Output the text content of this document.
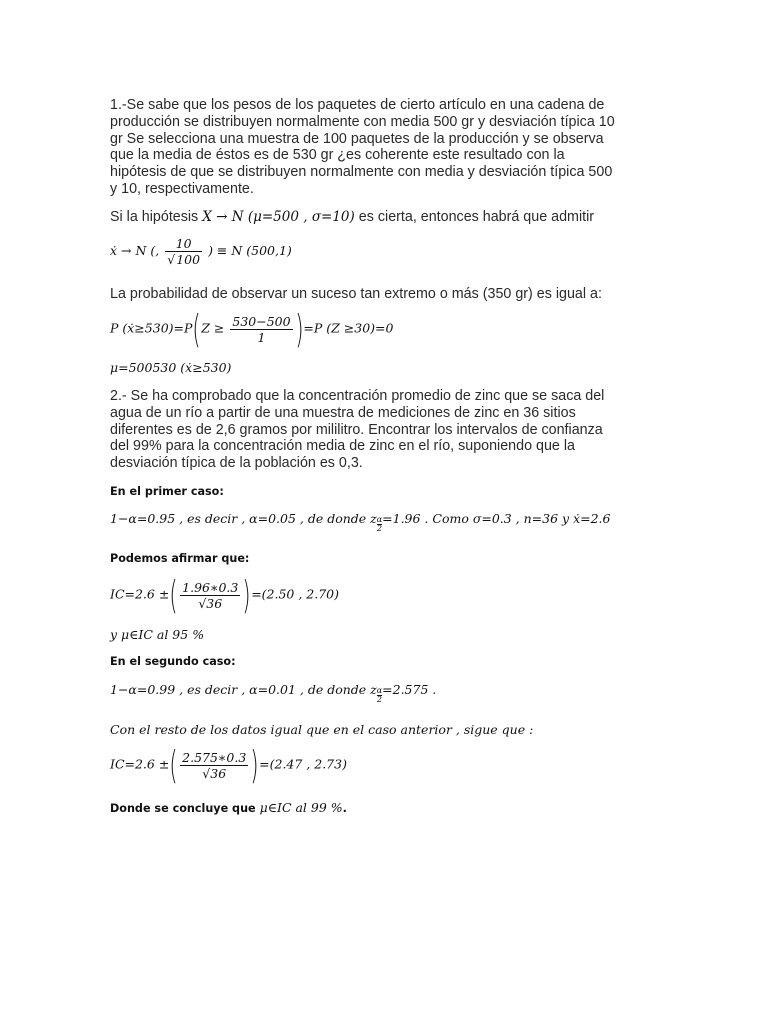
1.-Se sabe que los pesos de los paquetes de cierto artículo en una cadena de
producción se distribuyen normalmente con media 500 gr y desviación típica 10
gr Se selecciona una muestra de 100 paquetes de la producción y se observa
que la media de éstos es de 530 gr ¿es coherente este resultado con la
hipótesis de que se distribuyen normalmente con media y desviación típica 500
y 10, respectivamente.
Si la hipótesis X → N (μ=500 , σ=10) es cierta, entonces habrá que admitir
ẋ → N (, $\frac{10}{√100}$ ) ≡ N (500,1)
La probabilidad de observar un suceso tan extremo o más (350 gr) es igual a:
P (ẋ≥530)=P(Z ≥ $\frac{530-500}{1} )=P$ (Z ≥30)=0
μ=500530 (ẋ≥530)
2.- Se ha comprobado que la concentración promedio de zinc que se saca del
agua de un río a partir de una muestra de mediciones de zinc en 36 sitios
diferentes es de 2,6 gramos por mililitro. Encontrar los intervalos de confianza
del 99% para la concentración media de zinc en el río, suponiendo que la
desviación típica de la población es 0,3.
En el primer caso:
1−α=0.95 , es decir , α=0.05 , de donde z $\frac{\alpha}{2}=1.96$ . Como σ=0.3 , n=36 y ẋ=2.6
Podemos afirmar que:
IC=2.6 ±( $\frac{1.96∗0.3}{√36} )=(2.50$ , 2.70)
y μ∈IC al 95 %
En el segundo caso:
1−α=0.99 , es decir , α=0.01 , de donde z $\frac{\alpha}{2}=2.575$ .
Con el resto de los datos igual que en el caso anterior , sigue que :
IC=2.6 ±( $\frac{2.575∗0.3}{√36} )=(2.47$ , 2.73)
Donde se concluye que μ∈IC al 99 %.
